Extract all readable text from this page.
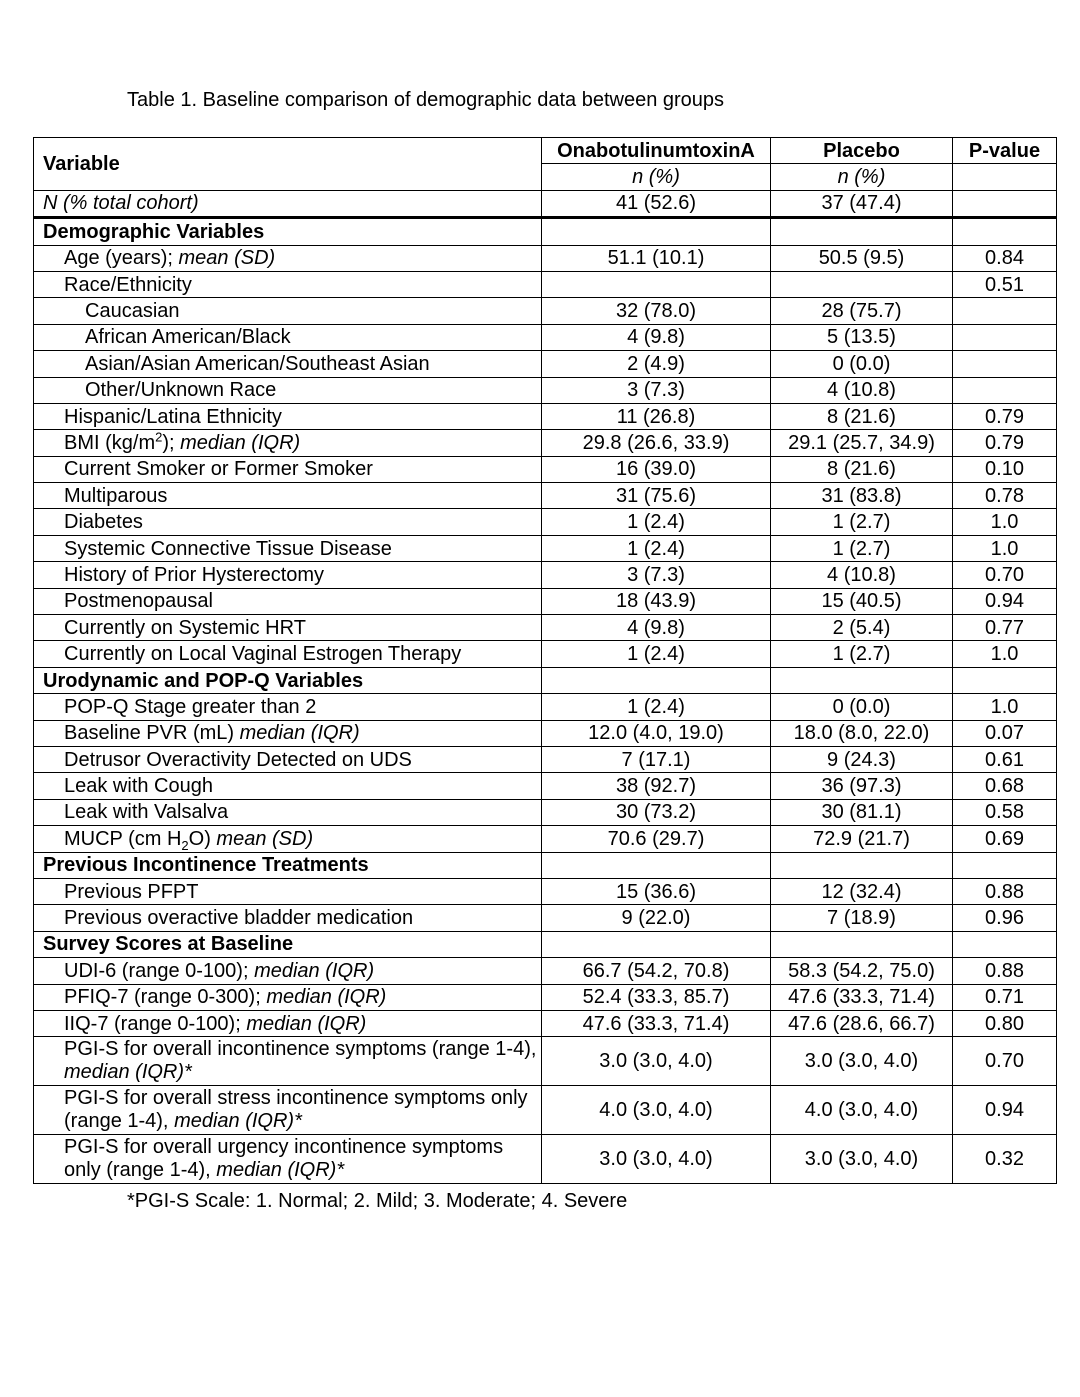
Table 1. Baseline comparison of demographic data between groups
Variable	OnabotulinumtoxinA	Placebo	P-value
	n (%)	n (%)	
N (% total cohort)	41 (52.6)	37 (47.4)	
Demographic Variables			
Age (years); mean (SD)	51.1 (10.1)	50.5 (9.5)	0.84
Race/Ethnicity			0.51
Caucasian	32 (78.0)	28 (75.7)	
African American/Black	4 (9.8)	5 (13.5)	
Asian/Asian American/Southeast Asian	2 (4.9)	0 (0.0)	
Other/Unknown Race	3 (7.3)	4 (10.8)	
Hispanic/Latina Ethnicity	11 (26.8)	8 (21.6)	0.79
BMI $(kg/m^2)$; median (IQR)	29.8 (26.6, 33.9)	29.1 (25.7, 34.9)	0.79
Current Smoker or Former Smoker	16 (39.0)	8 (21.6)	0.10
Multiparous	31 (75.6)	31 (83.8)	0.78
Diabetes	1 (2.4)	1 (2.7)	1.0
Systemic Connective Tissue Disease	1 (2.4)	1 (2.7)	1.0
History of Prior Hysterectomy	3 (7.3)	4 (10.8)	0.70
Postmenopausal	18 (43.9)	15 (40.5)	0.94
Currently on Systemic HRT	4 (9.8)	2 (5.4)	0.77
Currently on Local Vaginal Estrogen Therapy	1 (2.4)	1 (2.7)	1.0
Urodynamic and POP-Q Variables			
POP-Q Stage greater than 2	1 (2.4)	0 (0.0)	1.0
Baseline PVR (mL) median (IQR)	12.0 (4.0, 19.0)	18.0 (8.0, 22.0)	0.07
Detrusor Overactivity Detected on UDS	7 (17.1)	9 (24.3)	0.61
Leak with Cough	38 (92.7)	36 (97.3)	0.68
Leak with Valsalva	30 (73.2)	30 (81.1)	0.58
MUCP (cm $H_2O$) mean (SD)	70.6 (29.7)	72.9 (21.7)	0.69
Previous Incontinence Treatments			
Previous PFPT	15 (36.6)	12 (32.4)	0.88
Previous overactive bladder medication	9 (22.0)	7 (18.9)	0.96
Survey Scores at Baseline			
UDI-6 (range 0-100); median (IQR)	66.7 (54.2, 70.8)	58.3 (54.2, 75.0)	0.88
PFIQ-7 (range 0-300); median (IQR)	52.4 (33.3, 85.7)	47.6 (33.3, 71.4)	0.71
IIQ-7 (range 0-100); median (IQR)	47.6 (33.3, 71.4)	47.6 (28.6, 66.7)	0.80
PGI-S for overall incontinence symptoms (range 1-4), median (IQR)*	3.0 (3.0, 4.0)	3.0 (3.0, 4.0)	0.70
PGI-S for overall stress incontinence symptoms only (range 1-4), median (IQR)*	4.0 (3.0, 4.0)	4.0 (3.0, 4.0)	0.94
PGI-S for overall urgency incontinence symptoms only (range 1-4), median (IQR)*	3.0 (3.0, 4.0)	3.0 (3.0, 4.0)	0.32
*PGI-S Scale: 1. Normal; 2. Mild; 3. Moderate; 4. Severe
